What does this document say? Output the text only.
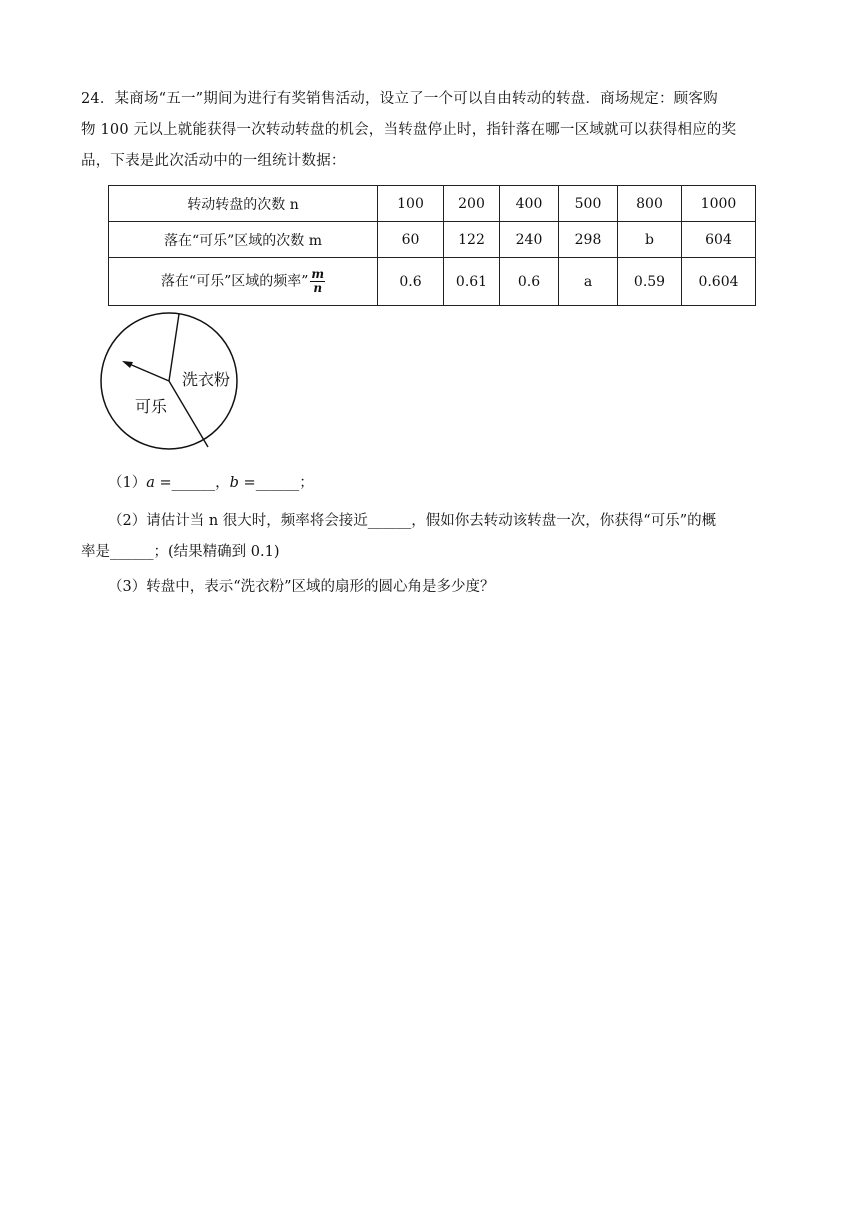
24．某商场“五一”期间为进行有奖销售活动，设立了一个可以自由转动的转盘．商场规定：顾客购

物 100 元以上就能获得一次转动转盘的机会，当转盘停止时，指针落在哪一区域就可以获得相应的奖

品，下表是此次活动中的一组统计数据：

转动转盘的次数 n	100	200	400	500	800	1000
落在“可乐”区域的次数 m	60	122	240	298	b	604
落在“可乐”区域的频率” $\frac{m}{n}$	0.6	0.61	0.6	a	0.59	0.604
洗衣粉
可乐

（1）a =______，b =______；

（2）请估计当 n 很大时，频率将会接近______，假如你去转动该转盘一次，你获得“可乐”的概

率是______；(结果精确到 0.1)

（3）转盘中，表示“洗衣粉”区域的扇形的圆心角是多少度？
